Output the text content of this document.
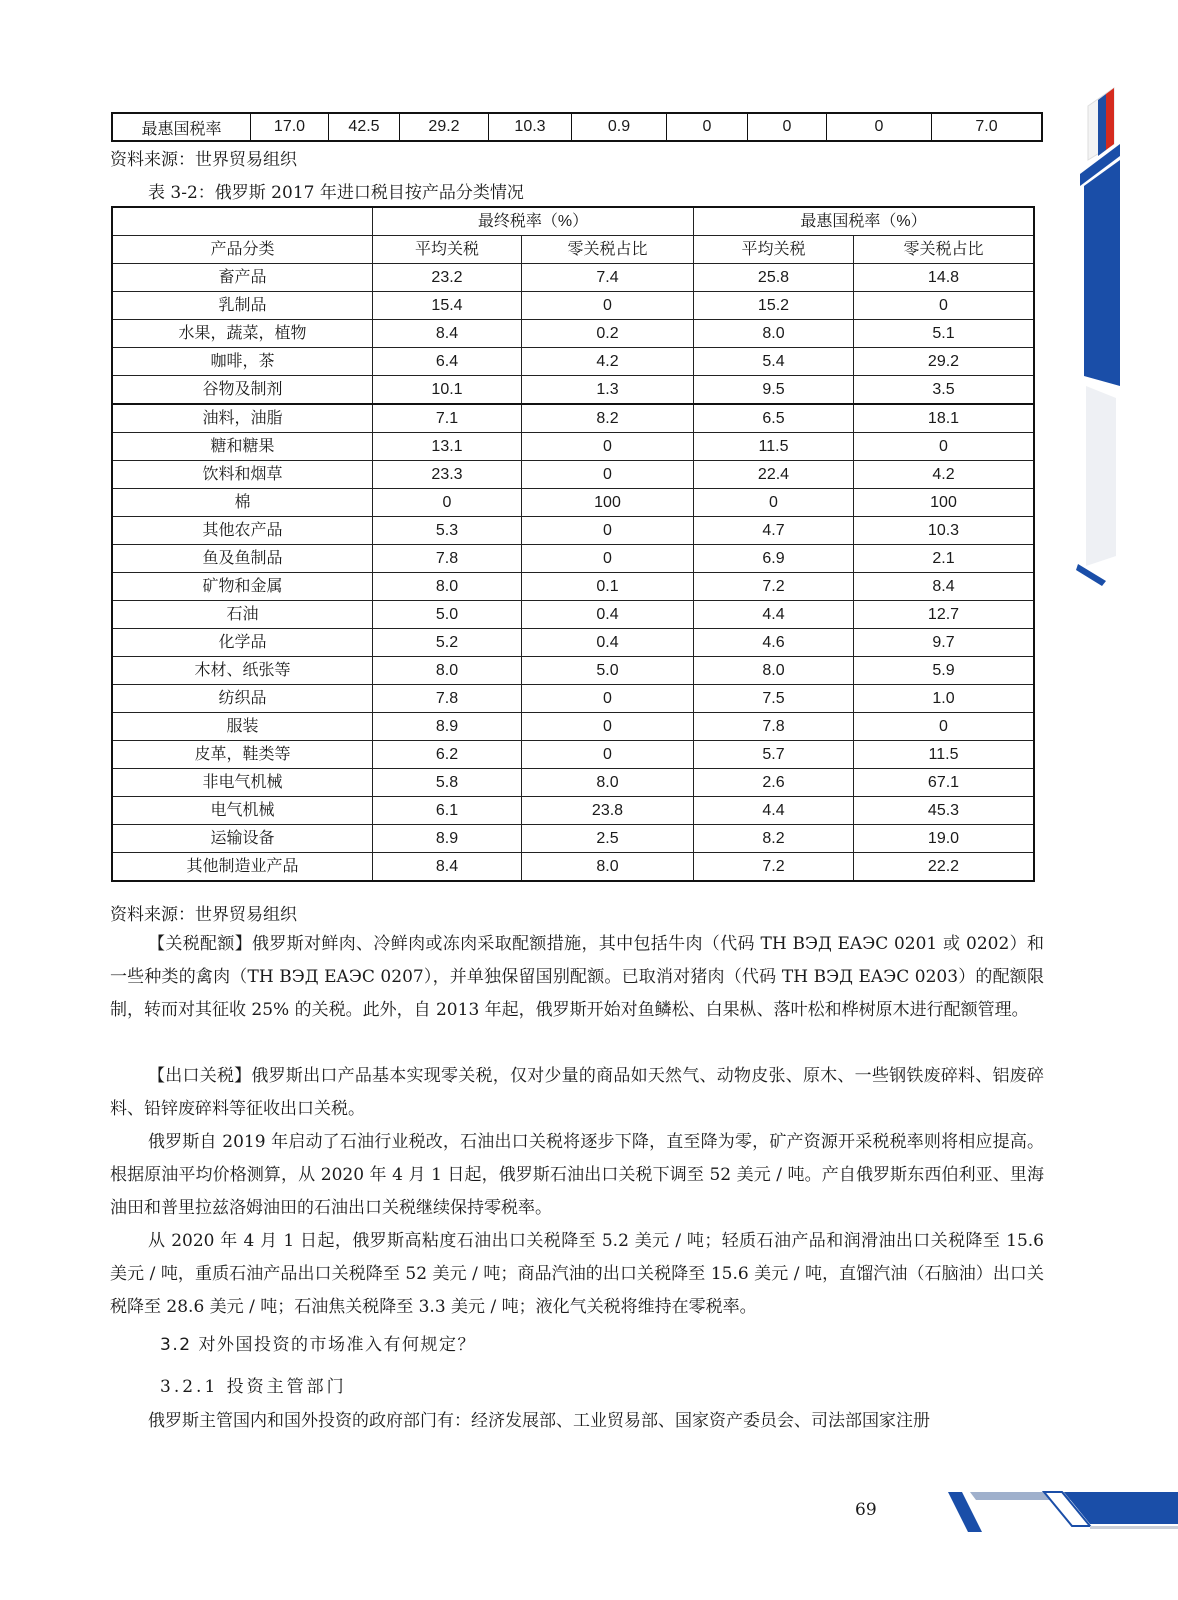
最惠国税率	17.0	42.5	29.2	10.3	0.9	0	0	0	7.0
资料来源：世界贸易组织
表 3-2：俄罗斯 2017 年进口税目按产品分类情况
	最终税率（%）		最惠国税率（%）	
产品分类	平均关税	零关税占比	平均关税	零关税占比
畜产品	23.2	7.4	25.8	14.8
乳制品	15.4	0	15.2	0
水果，蔬菜，植物	8.4	0.2	8.0	5.1
咖啡，茶	6.4	4.2	5.4	29.2
谷物及制剂	10.1	1.3	9.5	3.5
油料，油脂	7.1	8.2	6.5	18.1
糖和糖果	13.1	0	11.5	0
饮料和烟草	23.3	0	22.4	4.2
棉	0	100	0	100
其他农产品	5.3	0	4.7	10.3
鱼及鱼制品	7.8	0	6.9	2.1
矿物和金属	8.0	0.1	7.2	8.4
石油	5.0	0.4	4.4	12.7
化学品	5.2	0.4	4.6	9.7
木材、纸张等	8.0	5.0	8.0	5.9
纺织品	7.8	0	7.5	1.0
服装	8.9	0	7.8	0
皮革，鞋类等	6.2	0	5.7	11.5
非电气机械	5.8	8.0	2.6	67.1
电气机械	6.1	23.8	4.4	45.3
运输设备	8.9	2.5	8.2	19.0
其他制造业产品	8.4	8.0	7.2	22.2
资料来源：世界贸易组织
【关税配额】俄罗斯对鲜肉、冷鲜肉或冻肉采取配额措施，其中包括牛肉（代码 TH BЭД EAЭC 0201 或 0202）和一些种类的禽肉（TH BЭД EAЭC 0207），并单独保留国别配额。已取消对猪肉（代码 TH BЭД EAЭC 0203）的配额限制，转而对其征收 25% 的关税。此外，自 2013 年起，俄罗斯开始对鱼鳞松、白果枞、落叶松和桦树原木进行配额管理。
【出口关税】俄罗斯出口产品基本实现零关税，仅对少量的商品如天然气、动物皮张、原木、一些钢铁废碎料、铝废碎料、铅锌废碎料等征收出口关税。
俄罗斯自 2019 年启动了石油行业税改，石油出口关税将逐步下降，直至降为零，矿产资源开采税税率则将相应提高。根据原油平均价格测算，从 2020 年 4 月 1 日起，俄罗斯石油出口关税下调至 52 美元 / 吨。产自俄罗斯东西伯利亚、里海油田和普里拉兹洛姆油田的石油出口关税继续保持零税率。
从 2020 年 4 月 1 日起，俄罗斯高粘度石油出口关税降至 5.2 美元 / 吨；轻质石油产品和润滑油出口关税降至 15.6 美元 / 吨，重质石油产品出口关税降至 52 美元 / 吨；商品汽油的出口关税降至 15.6 美元 / 吨，直馏汽油（石脑油）出口关税降至 28.6 美元 / 吨；石油焦关税降至 3.3 美元 / 吨；液化气关税将维持在零税率。
3.2 对外国投资的市场准入有何规定？
3.2.1 投资主管部门
俄罗斯主管国内和国外投资的政府部门有：经济发展部、工业贸易部、国家资产委员会、司法部国家注册
69
